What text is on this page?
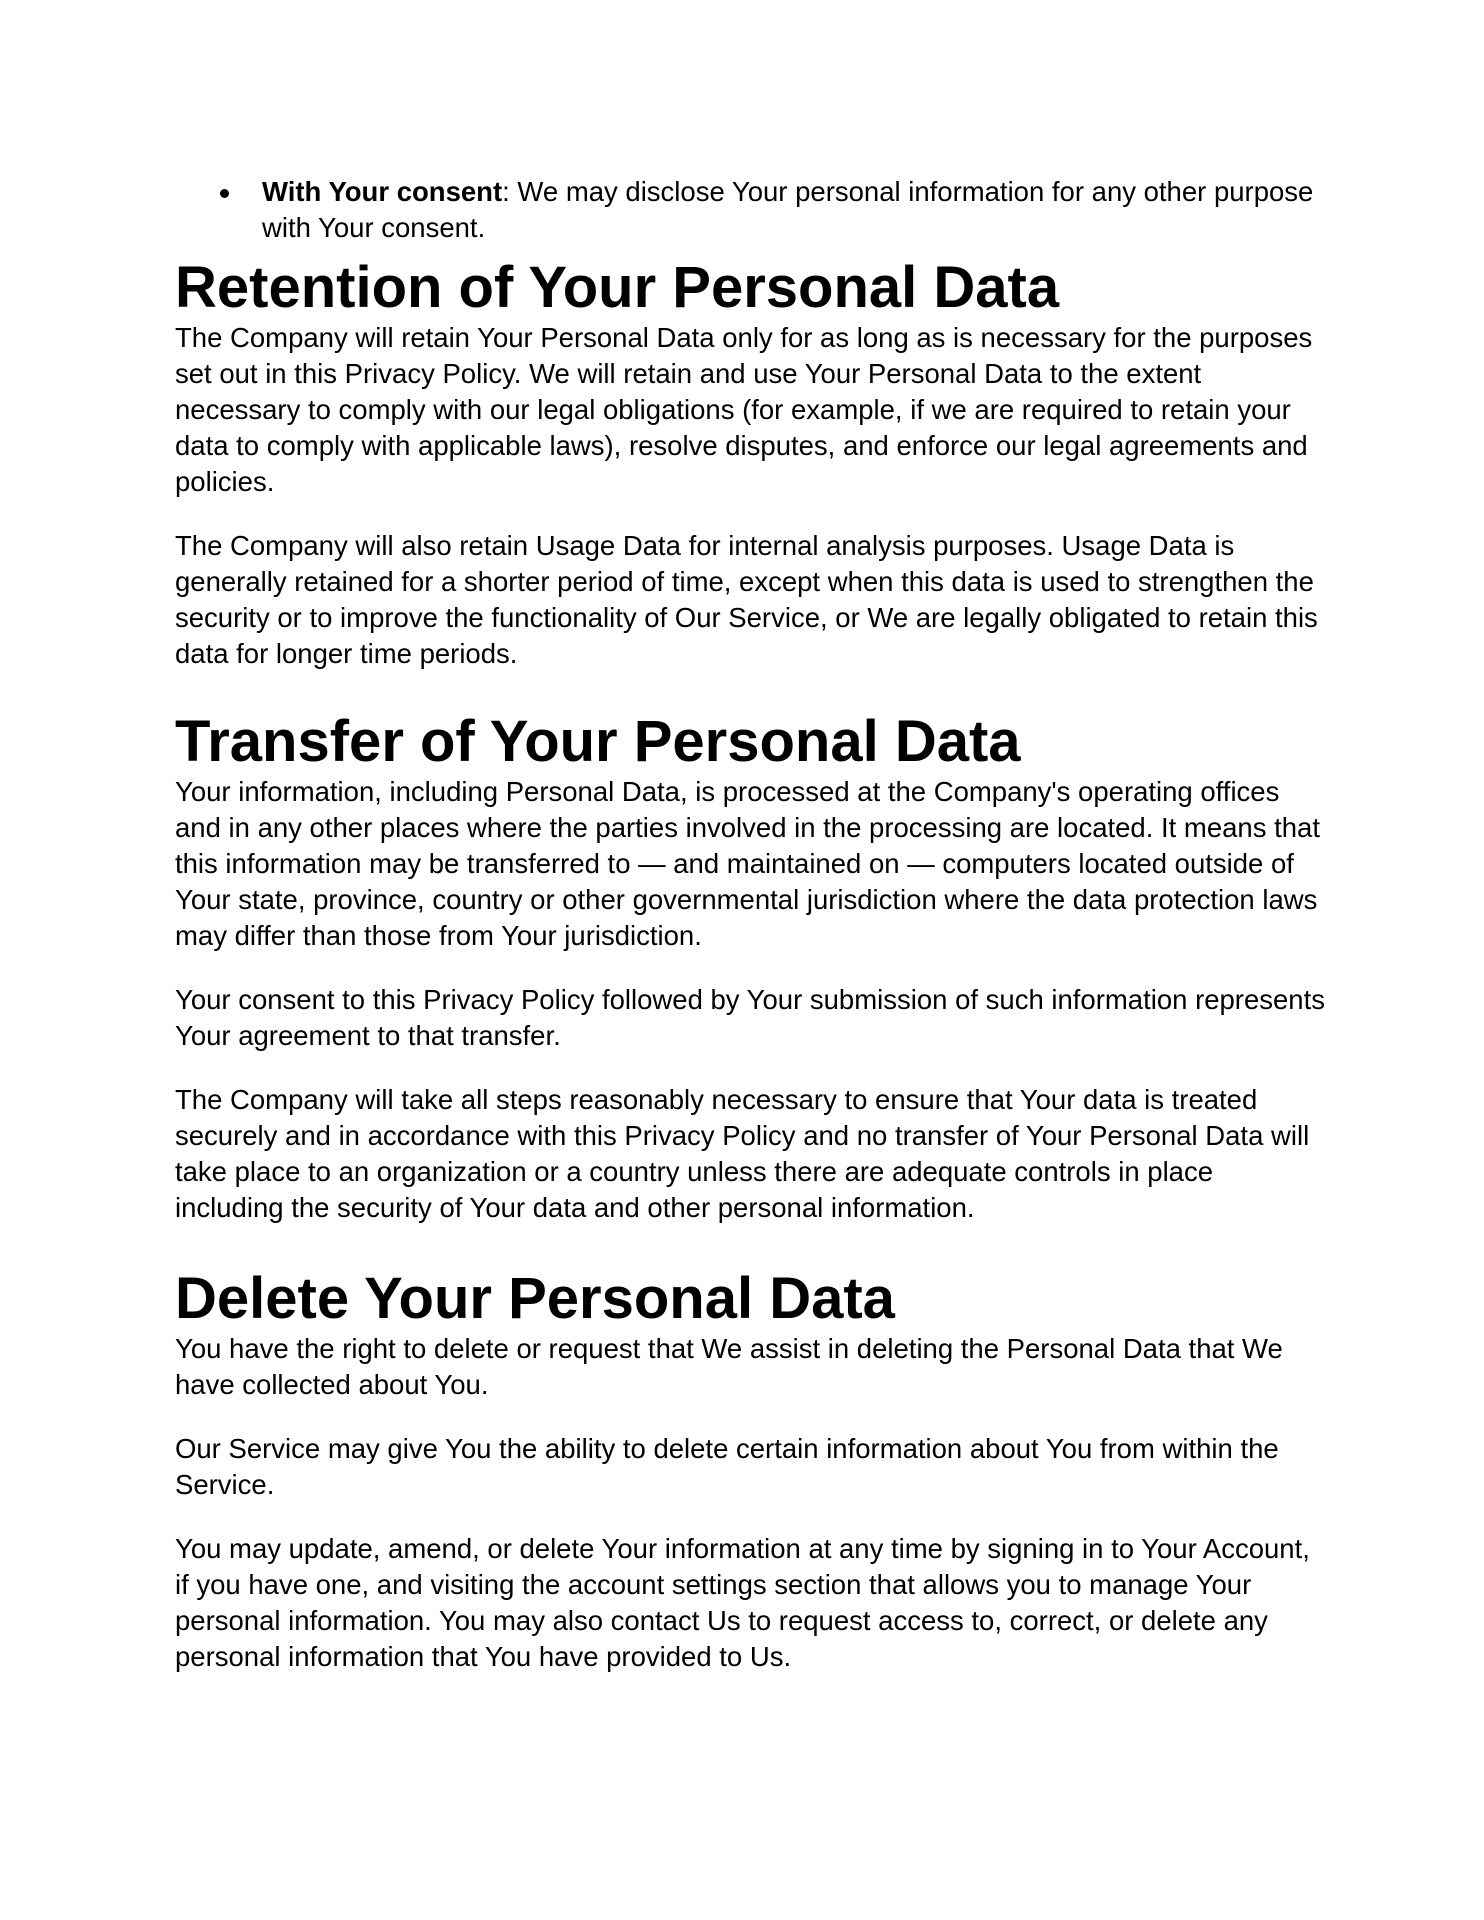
With Your consent: We may disclose Your personal information for any other purpose with Your consent.
Retention of Your Personal Data

The Company will retain Your Personal Data only for as long as is necessary for the purposes set out in this Privacy Policy. We will retain and use Your Personal Data to the extent necessary to comply with our legal obligations (for example, if we are required to retain your data to comply with applicable laws), resolve disputes, and enforce our legal agreements and policies.

The Company will also retain Usage Data for internal analysis purposes. Usage Data is generally retained for a shorter period of time, except when this data is used to strengthen the security or to improve the functionality of Our Service, or We are legally obligated to retain this data for longer time periods.

Transfer of Your Personal Data

Your information, including Personal Data, is processed at the Company's operating offices and in any other places where the parties involved in the processing are located. It means that this information may be transferred to — and maintained on — computers located outside of Your state, province, country or other governmental jurisdiction where the data protection laws may differ than those from Your jurisdiction.

Your consent to this Privacy Policy followed by Your submission of such information represents Your agreement to that transfer.

The Company will take all steps reasonably necessary to ensure that Your data is treated securely and in accordance with this Privacy Policy and no transfer of Your Personal Data will take place to an organization or a country unless there are adequate controls in place including the security of Your data and other personal information.

Delete Your Personal Data

You have the right to delete or request that We assist in deleting the Personal Data that We have collected about You.

Our Service may give You the ability to delete certain information about You from within the Service.

You may update, amend, or delete Your information at any time by signing in to Your Account, if you have one, and visiting the account settings section that allows you to manage Your personal information. You may also contact Us to request access to, correct, or delete any personal information that You have provided to Us.
